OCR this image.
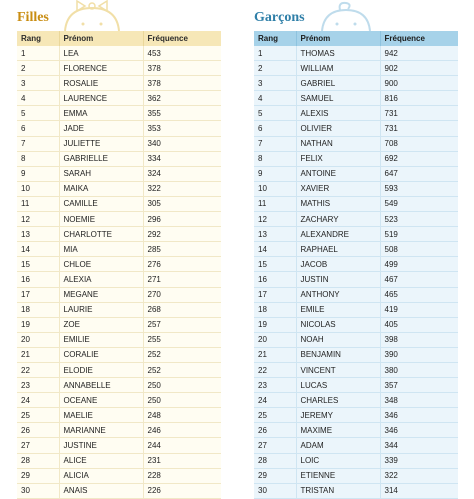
Filles
Rang	Prénom	Fréquence
1	LEA	453
2	FLORENCE	378
3	ROSALIE	378
4	LAURENCE	362
5	EMMA	355
6	JADE	353
7	JULIETTE	340
8	GABRIELLE	334
9	SARAH	324
10	MAIKA	322
11	CAMILLE	305
12	NOEMIE	296
13	CHARLOTTE	292
14	MIA	285
15	CHLOE	276
16	ALEXIA	271
17	MEGANE	270
18	LAURIE	268
19	ZOE	257
20	EMILIE	255
21	CORALIE	252
22	ELODIE	252
23	ANNABELLE	250
24	OCEANE	250
25	MAELIE	248
26	MARIANNE	246
27	JUSTINE	244
28	ALICE	231
29	ALICIA	228
30	ANAIS	226
Garçons
Rang	Prénom	Fréquence
1	THOMAS	942
2	WILLIAM	902
3	GABRIEL	900
4	SAMUEL	816
5	ALEXIS	731
6	OLIVIER	731
7	NATHAN	708
8	FELIX	692
9	ANTOINE	647
10	XAVIER	593
11	MATHIS	549
12	ZACHARY	523
13	ALEXANDRE	519
14	RAPHAEL	508
15	JACOB	499
16	JUSTIN	467
17	ANTHONY	465
18	EMILE	419
19	NICOLAS	405
20	NOAH	398
21	BENJAMIN	390
22	VINCENT	380
23	LUCAS	357
24	CHARLES	348
25	JEREMY	346
26	MAXIME	346
27	ADAM	344
28	LOIC	339
29	ETIENNE	322
30	TRISTAN	314
